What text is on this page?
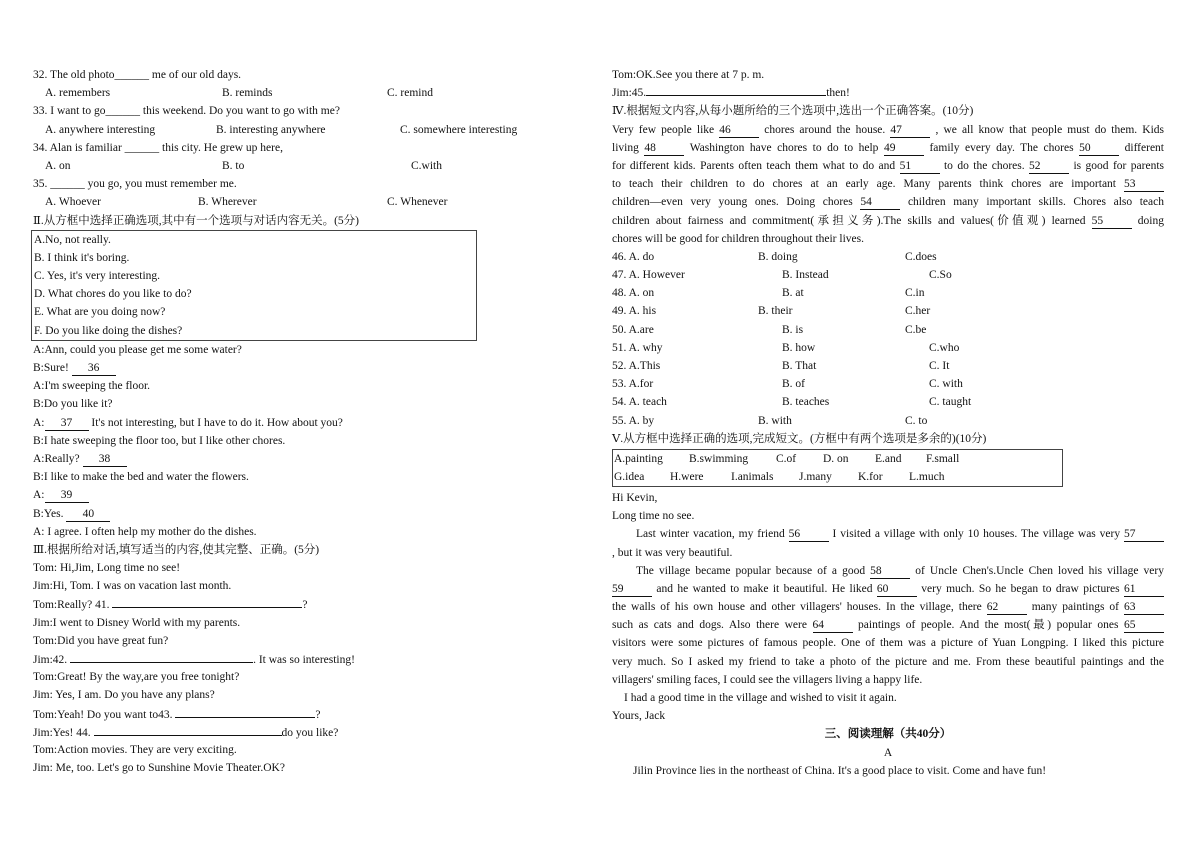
32. The old photo______ me of our old days.
A. remembers	B. reminds	C. remind
33. I want to go______ this weekend. Do you want to go with me?
A. anywhere interesting	B. interesting anywhere	C. somewhere interesting
34. Alan is familiar ______ this city. He grew up here,
A. on	B. to	C.with
35. ______ you go, you must remember me.
A. Whoever	B. Wherever	C. Whenever
Ⅱ.从方框中选择正确选项,其中有一个选项与对话内容无关。(5分)
A.No, not really.
B. I think it's boring.
C. Yes, it's very interesting.
D. What chores do you like to do?
E. What are you doing now?
F. Do you like doing the dishes?
A:Ann, could you please get me some water?
B:Sure! 36
A:I'm sweeping the floor.
B:Do you like it?
A: 37 It's not interesting, but I have to do it. How about you?
B:I hate sweeping the floor too, but I like other chores.
A:Really? 38
B:I like to make the bed and water the flowers.
A: 39
B:Yes. 40
A: I agree. I often help my mother do the dishes.
Ⅲ.根据所给对话,填写适当的内容,使其完整、正确。(5分)
Tom: Hi,Jim, Long time no see!
Jim:Hi, Tom. I was on vacation last month.
Tom:Really? 41.	?
Jim:I went to Disney World with my parents.
Tom:Did you have great fun?
Jim:42.	. It was so interesting!
Tom:Great! By the way,are you free tonight?
Jim: Yes, I am. Do you have any plans?
Tom:Yeah! Do you want to43.	?
Jim:Yes! 44.	do you like?
Tom:Action movies. They are very exciting.
Jim: Me, too. Let's go to Sunshine Movie Theater.OK?
Tom:OK.See you there at 7 p. m.
Jim:45.	then!
Ⅳ.根据短文内容,从每小题所给的三个选项中,选出一个正确答案。(10分)
Very few people like 46 chores around the house. 47 , we all know that people must do them. Kids
living 48 Washington have chores to do to help 49 family every day. The chores 50 different
for different kids. Parents often teach them what to do and 51 to do the chores. 52 is good for parents
to teach their children to do chores at an early age. Many parents think chores are important 53
children—even very young ones. Doing chores 54 children many important skills. Chores also teach
children about fairness and commitment(承担义务).The skills and values(价值观) learned 55 doing
chores will be good for children throughout their lives.
46. A. do	B. doing	C.does
47. A. However	B. Instead	C.So
48. A. on	B. at	C.in
49. A. his	B. their	C.her
50. A.are	B. is	C.be
51. A. why	B. how	C.who
52. A.This	B. That	C. It
53. A.for	B. of	C. with
54. A. teach	B. teaches	C. taught
55. A. by	B. with	C. to
Ⅴ.从方框中选择正确的选项,完成短文。(方框中有两个选项是多余的)(10分)
A.painting B.swimming C.of D. on E.and F.small
G.idea H.were I.animals J.many K.for L.much
Hi Kevin,
Long time no see.
Last winter vacation, my friend 56 I visited a village with only 10 houses. The village was very 57
, but it was very beautiful.
The village became popular because of a good 58 of Uncle Chen's.Uncle Chen loved his village very
59 and he wanted to make it beautiful. He liked 60 very much. So he began to draw pictures 61
the walls of his own house and other villagers' houses. In the village, there 62 many paintings of 63
such as cats and dogs. Also there were 64 paintings of people. And the most(最) popular ones 65
visitors were some pictures of famous people. One of them was a picture of Yuan Longping. I liked this picture
very much. So I asked my friend to take a photo of the picture and me. From these beautiful paintings and the
villagers' smiling faces, I could see the villagers living a happy life.
I had a good time in the village and wished to visit it again.
Yours, Jack
三、阅读理解（共40分）
A
Jilin Province lies in the northeast of China. It's a good place to visit. Come and have fun!
